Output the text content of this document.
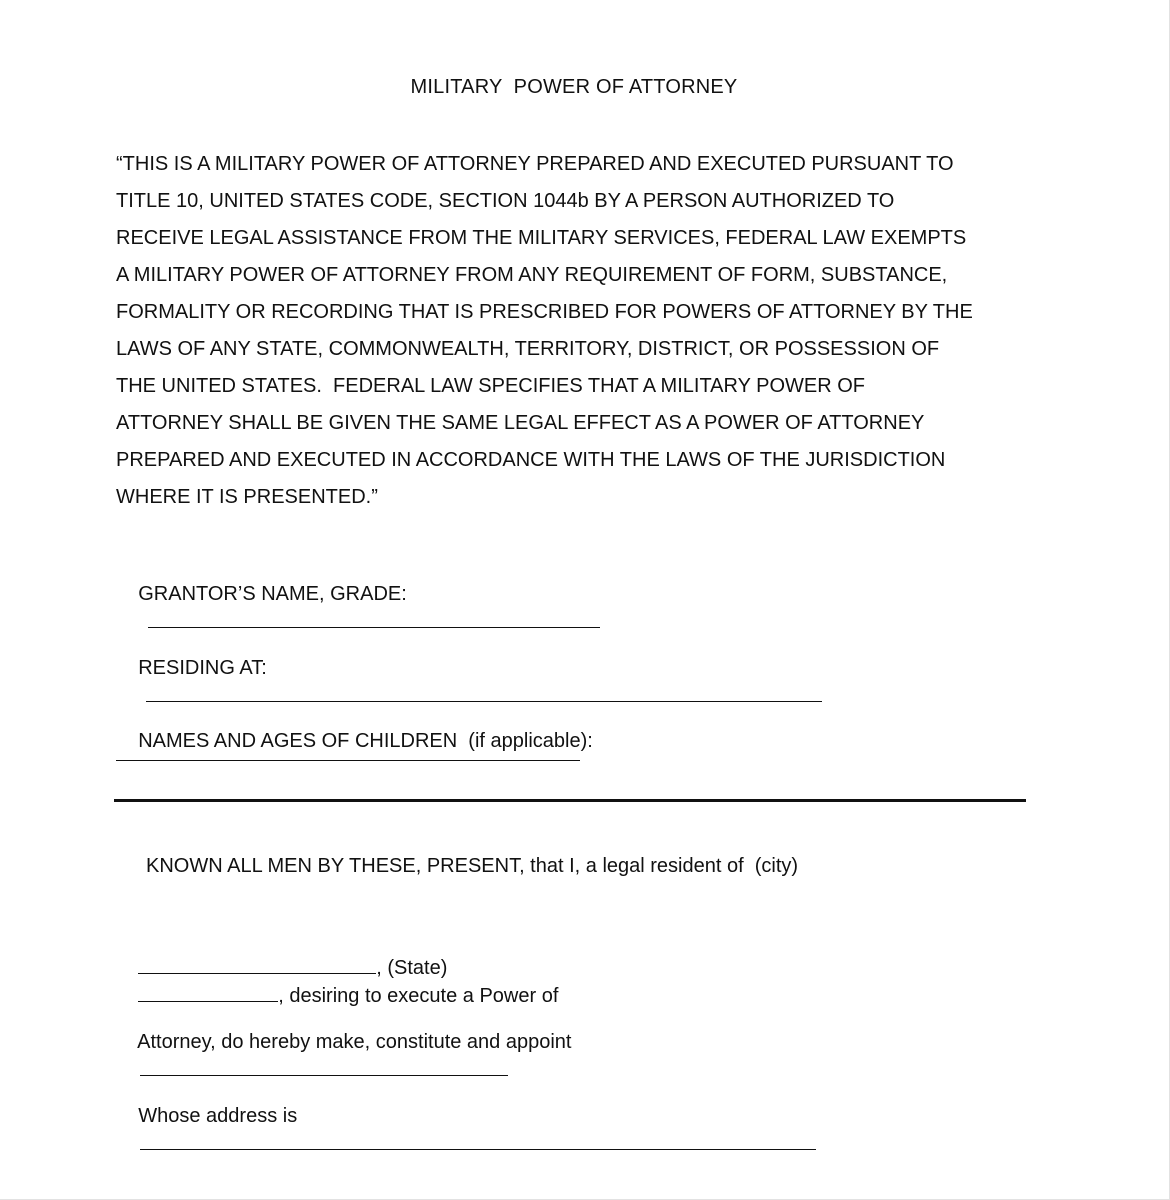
MILITARY  POWER OF ATTORNEY
“THIS IS A MILITARY POWER OF ATTORNEY PREPARED AND EXECUTED PURSUANT TO
TITLE 10, UNITED STATES CODE, SECTION 1044b BY A PERSON AUTHORIZED TO
RECEIVE LEGAL ASSISTANCE FROM THE MILITARY SERVICES, FEDERAL LAW EXEMPTS
A MILITARY POWER OF ATTORNEY FROM ANY REQUIREMENT OF FORM, SUBSTANCE,
FORMALITY OR RECORDING THAT IS PRESCRIBED FOR POWERS OF ATTORNEY BY THE
LAWS OF ANY STATE, COMMONWEALTH, TERRITORY, DISTRICT, OR POSSESSION OF
THE UNITED STATES.  FEDERAL LAW SPECIFIES THAT A MILITARY POWER OF
ATTORNEY SHALL BE GIVEN THE SAME LEGAL EFFECT AS A POWER OF ATTORNEY
PREPARED AND EXECUTED IN ACCORDANCE WITH THE LAWS OF THE JURISDICTION
WHERE IT IS PRESENTED.”

GRANTOR’S NAME, GRADE:

RESIDING AT:

NAMES AND AGES OF CHILDREN  (if applicable):

KNOWN ALL MEN BY THESE, PRESENT, that I, a legal resident of  (city)

, (State)
, desiring to execute a Power of

Attorney, do hereby make, constitute and appoint

Whose address is
